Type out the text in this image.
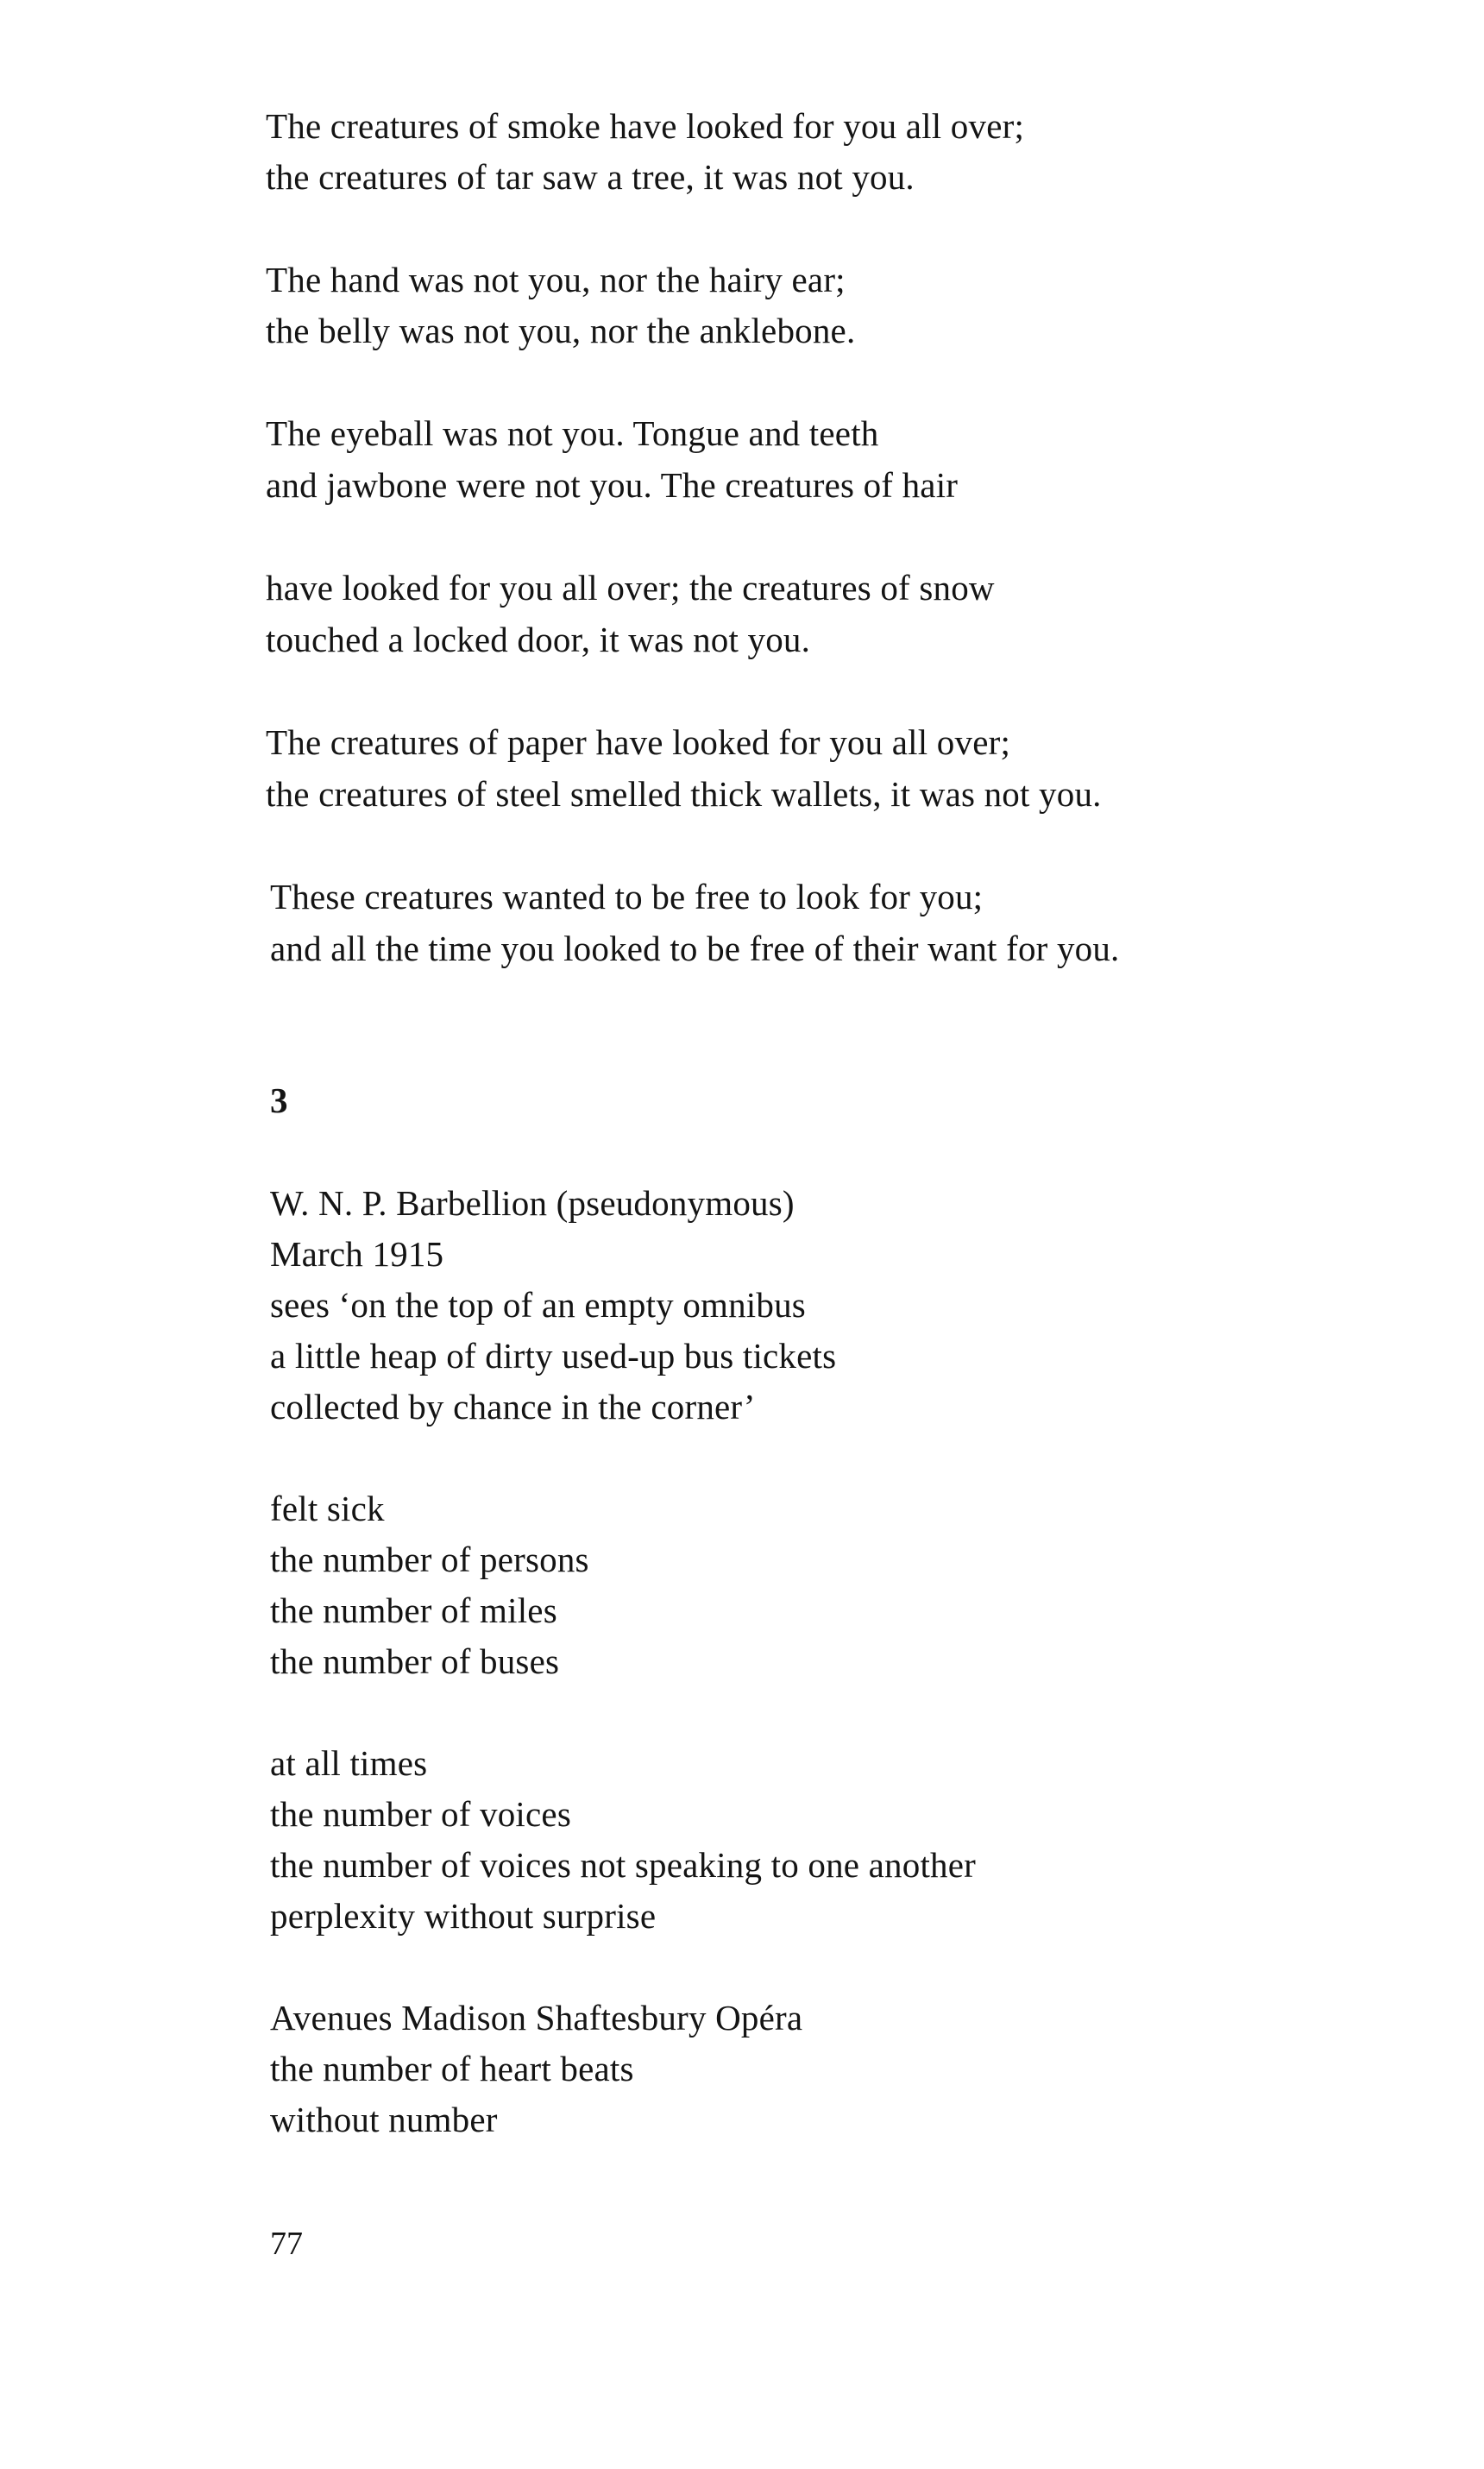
The creatures of smoke have looked for you all over;
the creatures of tar saw a tree, it was not you.
The hand was not you, nor the hairy ear;
the belly was not you, nor the anklebone.
The eyeball was not you. Tongue and teeth
and jawbone were not you. The creatures of hair
have looked for you all over; the creatures of snow
touched a locked door, it was not you.
The creatures of paper have looked for you all over;
the creatures of steel smelled thick wallets, it was not you.
These creatures wanted to be free to look for you;
and all the time you looked to be free of their want for you.
3
W. N. P. Barbellion (pseudonymous)
March 1915
sees ‘on the top of an empty omnibus
a little heap of dirty used-up bus tickets
collected by chance in the corner’
felt sick
the number of persons
the number of miles
the number of buses
at all times
the number of voices
the number of voices not speaking to one another
perplexity without surprise
Avenues Madison Shaftesbury Opéra
the number of heart beats
without number
77
